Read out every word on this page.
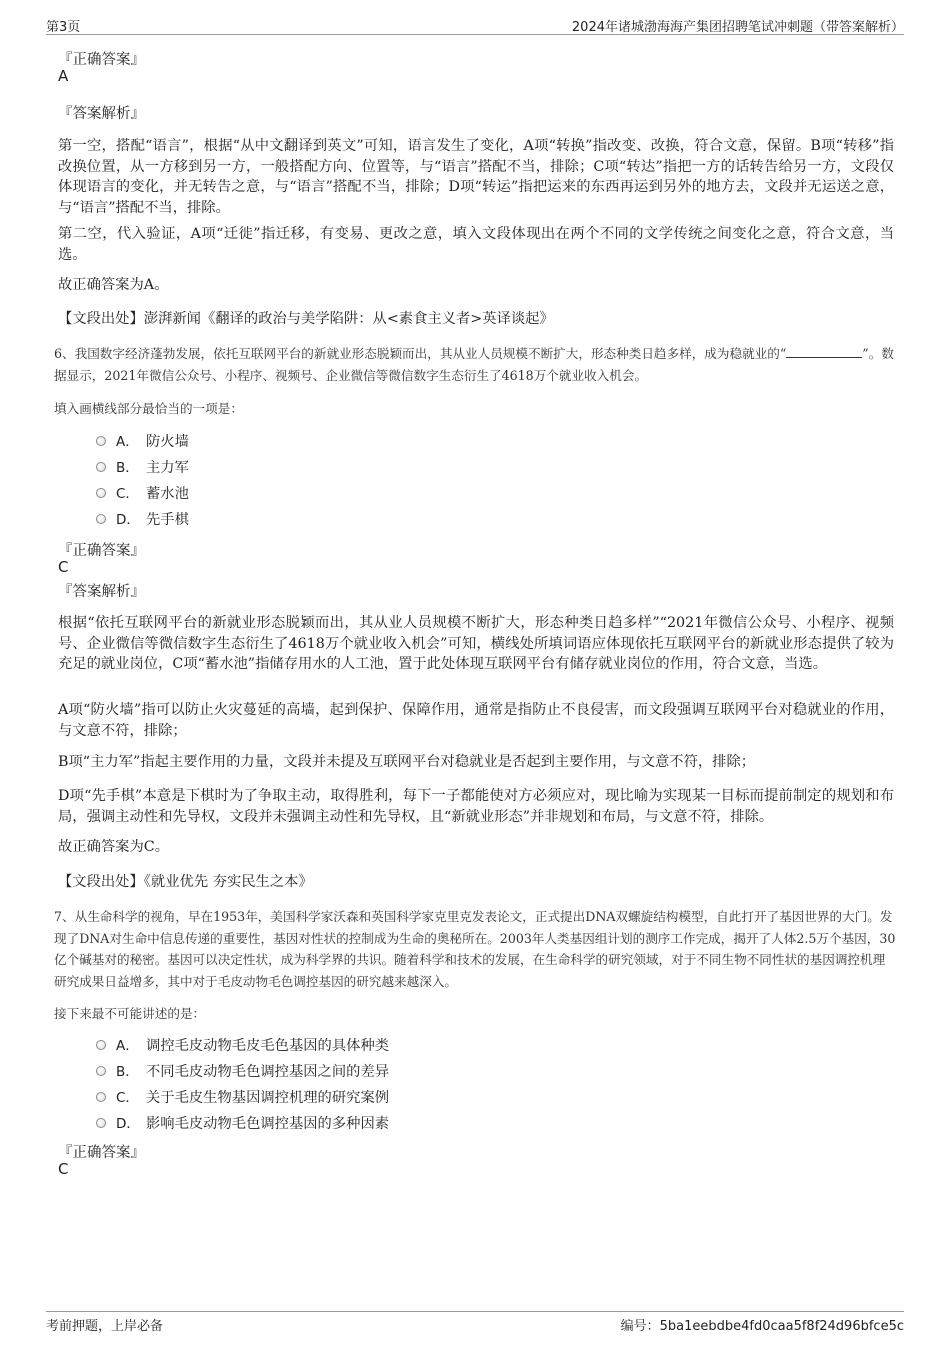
第3页	2024年诸城渤海海产集团招聘笔试冲刺题（带答案解析）
『正确答案』
A
『答案解析』
第一空，搭配“语言”，根据“从中文翻译到英文”可知，语言发生了变化，A项“转换”指改变、改换，符合文意，保留。B项“转移”指改换位置，从一方移到另一方，一般搭配方向、位置等，与“语言”搭配不当，排除；C项“转达”指把一方的话转告给另一方，文段仅体现语言的变化，并无转告之意，与“语言”搭配不当，排除；D项“转运”指把运来的东西再运到另外的地方去，文段并无运送之意，与“语言”搭配不当，排除。
第二空，代入验证，A项“迁徙”指迁移，有变易、更改之意，填入文段体现出在两个不同的文学传统之间变化之意，符合文意，当选。
故正确答案为A。
【文段出处】澎湃新闻《翻译的政治与美学陷阱：从<素食主义者>英译谈起》
6、我国数字经济蓬勃发展，依托互联网平台的新就业形态脱颖而出，其从业人员规模不断扩大，形态种类日趋多样，成为稳就业的“	”。数据显示，2021年微信公众号、小程序、视频号、企业微信等微信数字生态衍生了4618万个就业收入机会。
填入画横线部分最恰当的一项是：
A． 防火墙
B． 主力军
C． 蓄水池
D． 先手棋
『正确答案』
C
『答案解析』
根据“依托互联网平台的新就业形态脱颖而出，其从业人员规模不断扩大，形态种类日趋多样”“2021年微信公众号、小程序、视频号、企业微信等微信数字生态衍生了4618万个就业收入机会”可知，横线处所填词语应体现依托互联网平台的新就业形态提供了较为充足的就业岗位，C项“蓄水池”指储存用水的人工池，置于此处体现互联网平台有储存就业岗位的作用，符合文意，当选。
A项“防火墙”指可以防止火灾蔓延的高墙，起到保护、保障作用，通常是指防止不良侵害，而文段强调互联网平台对稳就业的作用，与文意不符，排除；
B项“主力军”指起主要作用的力量，文段并未提及互联网平台对稳就业是否起到主要作用，与文意不符，排除；
D项“先手棋”本意是下棋时为了争取主动，取得胜利，每下一子都能使对方必须应对，现比喻为实现某一目标而提前制定的规划和布局，强调主动性和先导权，文段并未强调主动性和先导权，且“新就业形态”并非规划和布局，与文意不符，排除。
故正确答案为C。
【文段出处】《就业优先 夯实民生之本》
7、从生命科学的视角，早在1953年，美国科学家沃森和英国科学家克里克发表论文，正式提出DNA双螺旋结构模型，自此打开了基因世界的大门。发现了DNA对生命中信息传递的重要性，基因对性状的控制成为生命的奥秘所在。2003年人类基因组计划的测序工作完成，揭开了人体2.5万个基因，30亿个碱基对的秘密。基因可以决定性状，成为科学界的共识。随着科学和技术的发展，在生命科学的研究领域，对于不同生物不同性状的基因调控机理研究成果日益增多，其中对于毛皮动物毛色调控基因的研究越来越深入。
接下来最不可能讲述的是：
A． 调控毛皮动物毛皮毛色基因的具体种类
B． 不同毛皮动物毛色调控基因之间的差异
C． 关于毛皮生物基因调控机理的研究案例
D． 影响毛皮动物毛色调控基因的多种因素
『正确答案』
C
考前押题，上岸必备	编号：5ba1eebdbe4fd0caa5f8f24d96bfce5c
